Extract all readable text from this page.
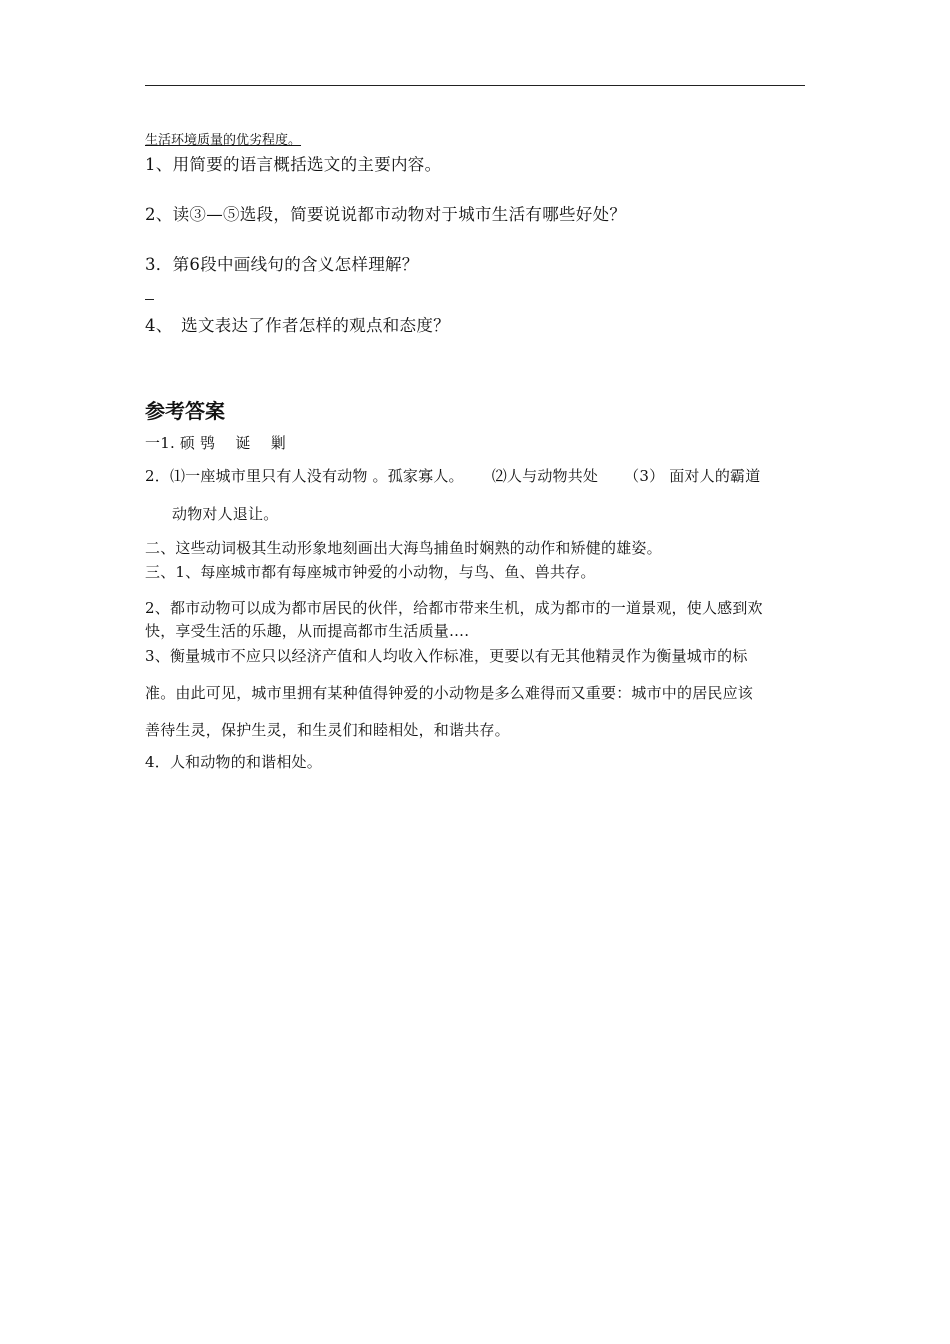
生活环境质量的优劣程度。
1、用简要的语言概括选文的主要内容。
2、读③—⑤选段，简要说说都市动物对于城市生活有哪些好处？
3．第6段中画线句的含义怎样理解？
4、　选文表达了作者怎样的观点和态度？
参考答案
一1. 硕 鸮　 诞　 剿
2．⑴一座城市里只有人没有动物 。孤家寡人。 ⑵人与动物共处 （3） 面对人的霸道
动物对人退让。
二、这些动词极其生动形象地刻画出大海鸟捕鱼时娴熟的动作和矫健的雄姿。
三、1、每座城市都有每座城市钟爱的小动物，与鸟、鱼、兽共存。
2、都市动物可以成为都市居民的伙伴，给都市带来生机，成为都市的一道景观，使人感到欢
快，享受生活的乐趣，从而提高都市生活质量….
3、衡量城市不应只以经济产值和人均收入作标准，更要以有无其他精灵作为衡量城市的标
准。由此可见，城市里拥有某种值得钟爱的小动物是多么难得而又重要：城市中的居民应该
善待生灵，保护生灵，和生灵们和睦相处，和谐共存。
4．人和动物的和谐相处。
